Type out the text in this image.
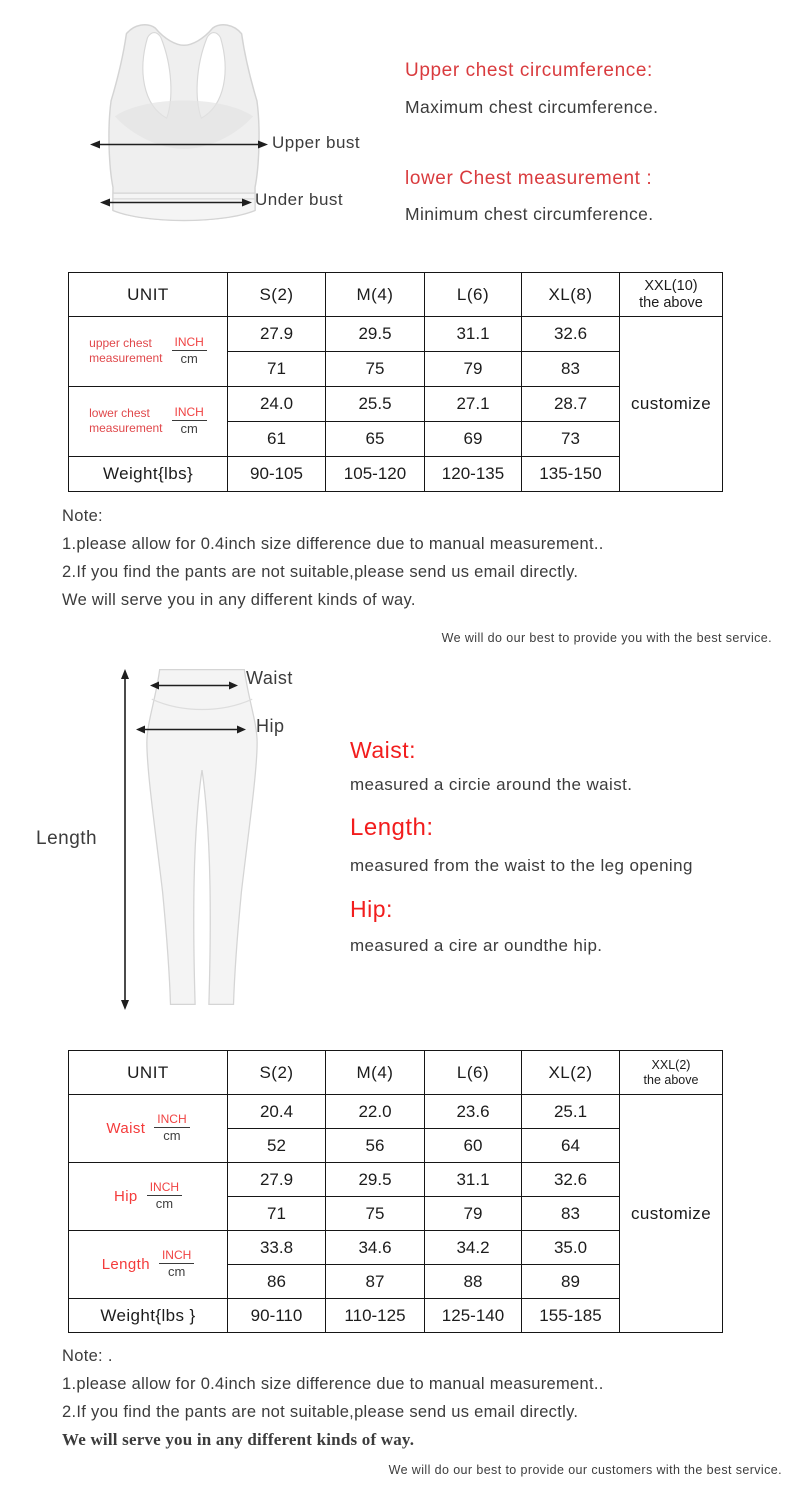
Upper bust
Under bust
Upper chest circumference:
Maximum chest circumference.
lower Chest measurement :
Minimum chest circumference.
UNIT	S(2)	M(4)	L(6)	XL(8)	XXL(10)
the above

upper chest
measurement $\frac{\text{INCH}}{cm}$	27.9	29.5	31.1	32.6	customize
	71	75	79	83	

lower chest
measurement $\frac{\text{INCH}}{cm}$	24.0	25.5	27.1	28.7	
	61	65	69	73	
Weight{lbs}	90-105	105-120	120-135	135-150	
Note:
1.please allow for 0.4inch size difference due to manual measurement..
2.If you find the pants are not suitable,please send us email directly.
We will serve you in any different kinds of way.
We will do our best to provide you with the best service.
Waist
Hip
Length
Waist:
measured a circie around the waist.
Length:
measured from the waist to the leg opening
Hip:
measured a cire ar oundthe hip.
UNIT	S(2)	M(4)	L(6)	XL(2)	XXL(2)
the above

Waist $\frac{\text{INCH}}{cm}$	20.4	22.0	23.6	25.1	customize
	52	56	60	64	

Hip $\frac{\text{INCH}}{cm}$	27.9	29.5	31.1	32.6	
	71	75	79	83	

Length $\frac{\text{INCH}}{cm}$	33.8	34.6	34.2	35.0	
	86	87	88	89	
Weight{lbs }	90-110	110-125	125-140	155-185	
Note: .
1.please allow for 0.4inch size difference due to manual measurement..
2.If you find the pants are not suitable,please send us email directly.
We will serve you in any different kinds of way.
We will do our best to provide our customers with the best service.
